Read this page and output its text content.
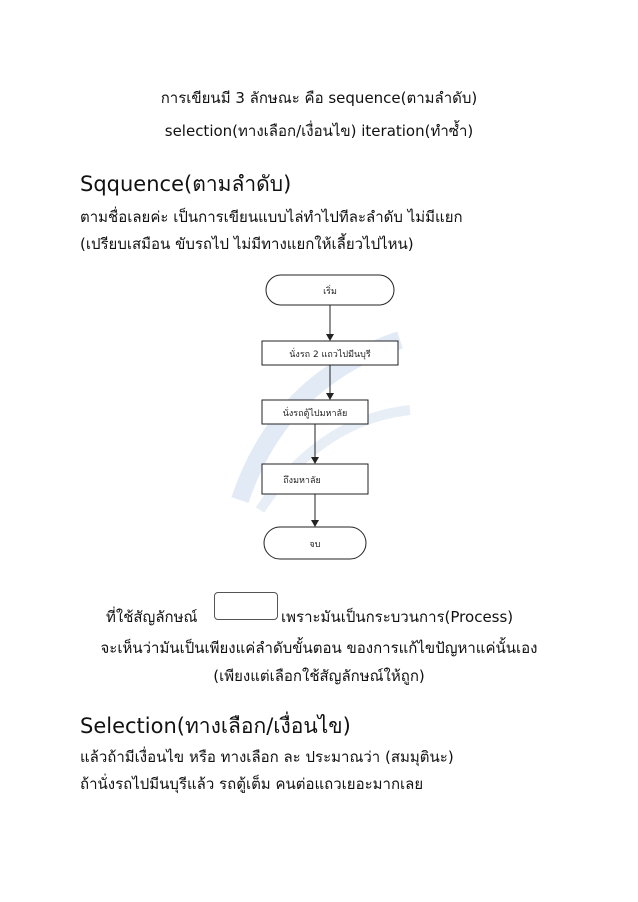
การเขียนมี 3 ลักษณะ คือ sequence(ตามลำดับ)
selection(ทางเลือก/เงื่อนไข) iteration(ทำซ้ำ)
Sqquence(ตามลำดับ)
ตามชื่อเลยค่ะ เป็นการเขียนแบบไล่ทำไปทีละลำดับ ไม่มีแยก
(เปรียบเสมือน ขับรถไป ไม่มีทางแยกให้เลี้ยวไปไหน)
เริ่ม
นั่งรถ 2 แถวไปมีนบุรี
นั่งรถตู้ไปมหาลัย
ถึงมหาลัย
จบ
ที่ใช้สัญลักษณ์	เพราะมันเป็นกระบวนการ(Process)
จะเห็นว่ามันเป็นเพียงแค่ลำดับขั้นตอน ของการแก้ไขปัญหาแค่นั้นเอง
(เพียงแต่เลือกใช้สัญลักษณ์ให้ถูก)
Selection(ทางเลือก/เงื่อนไข)
แล้วถ้ามีเงื่อนไข หรือ ทางเลือก ละ ประมาณว่า (สมมุตินะ)
ถ้านั่งรถไปมีนบุรีแล้ว รถตู้เต็ม คนต่อแถวเยอะมากเลย
